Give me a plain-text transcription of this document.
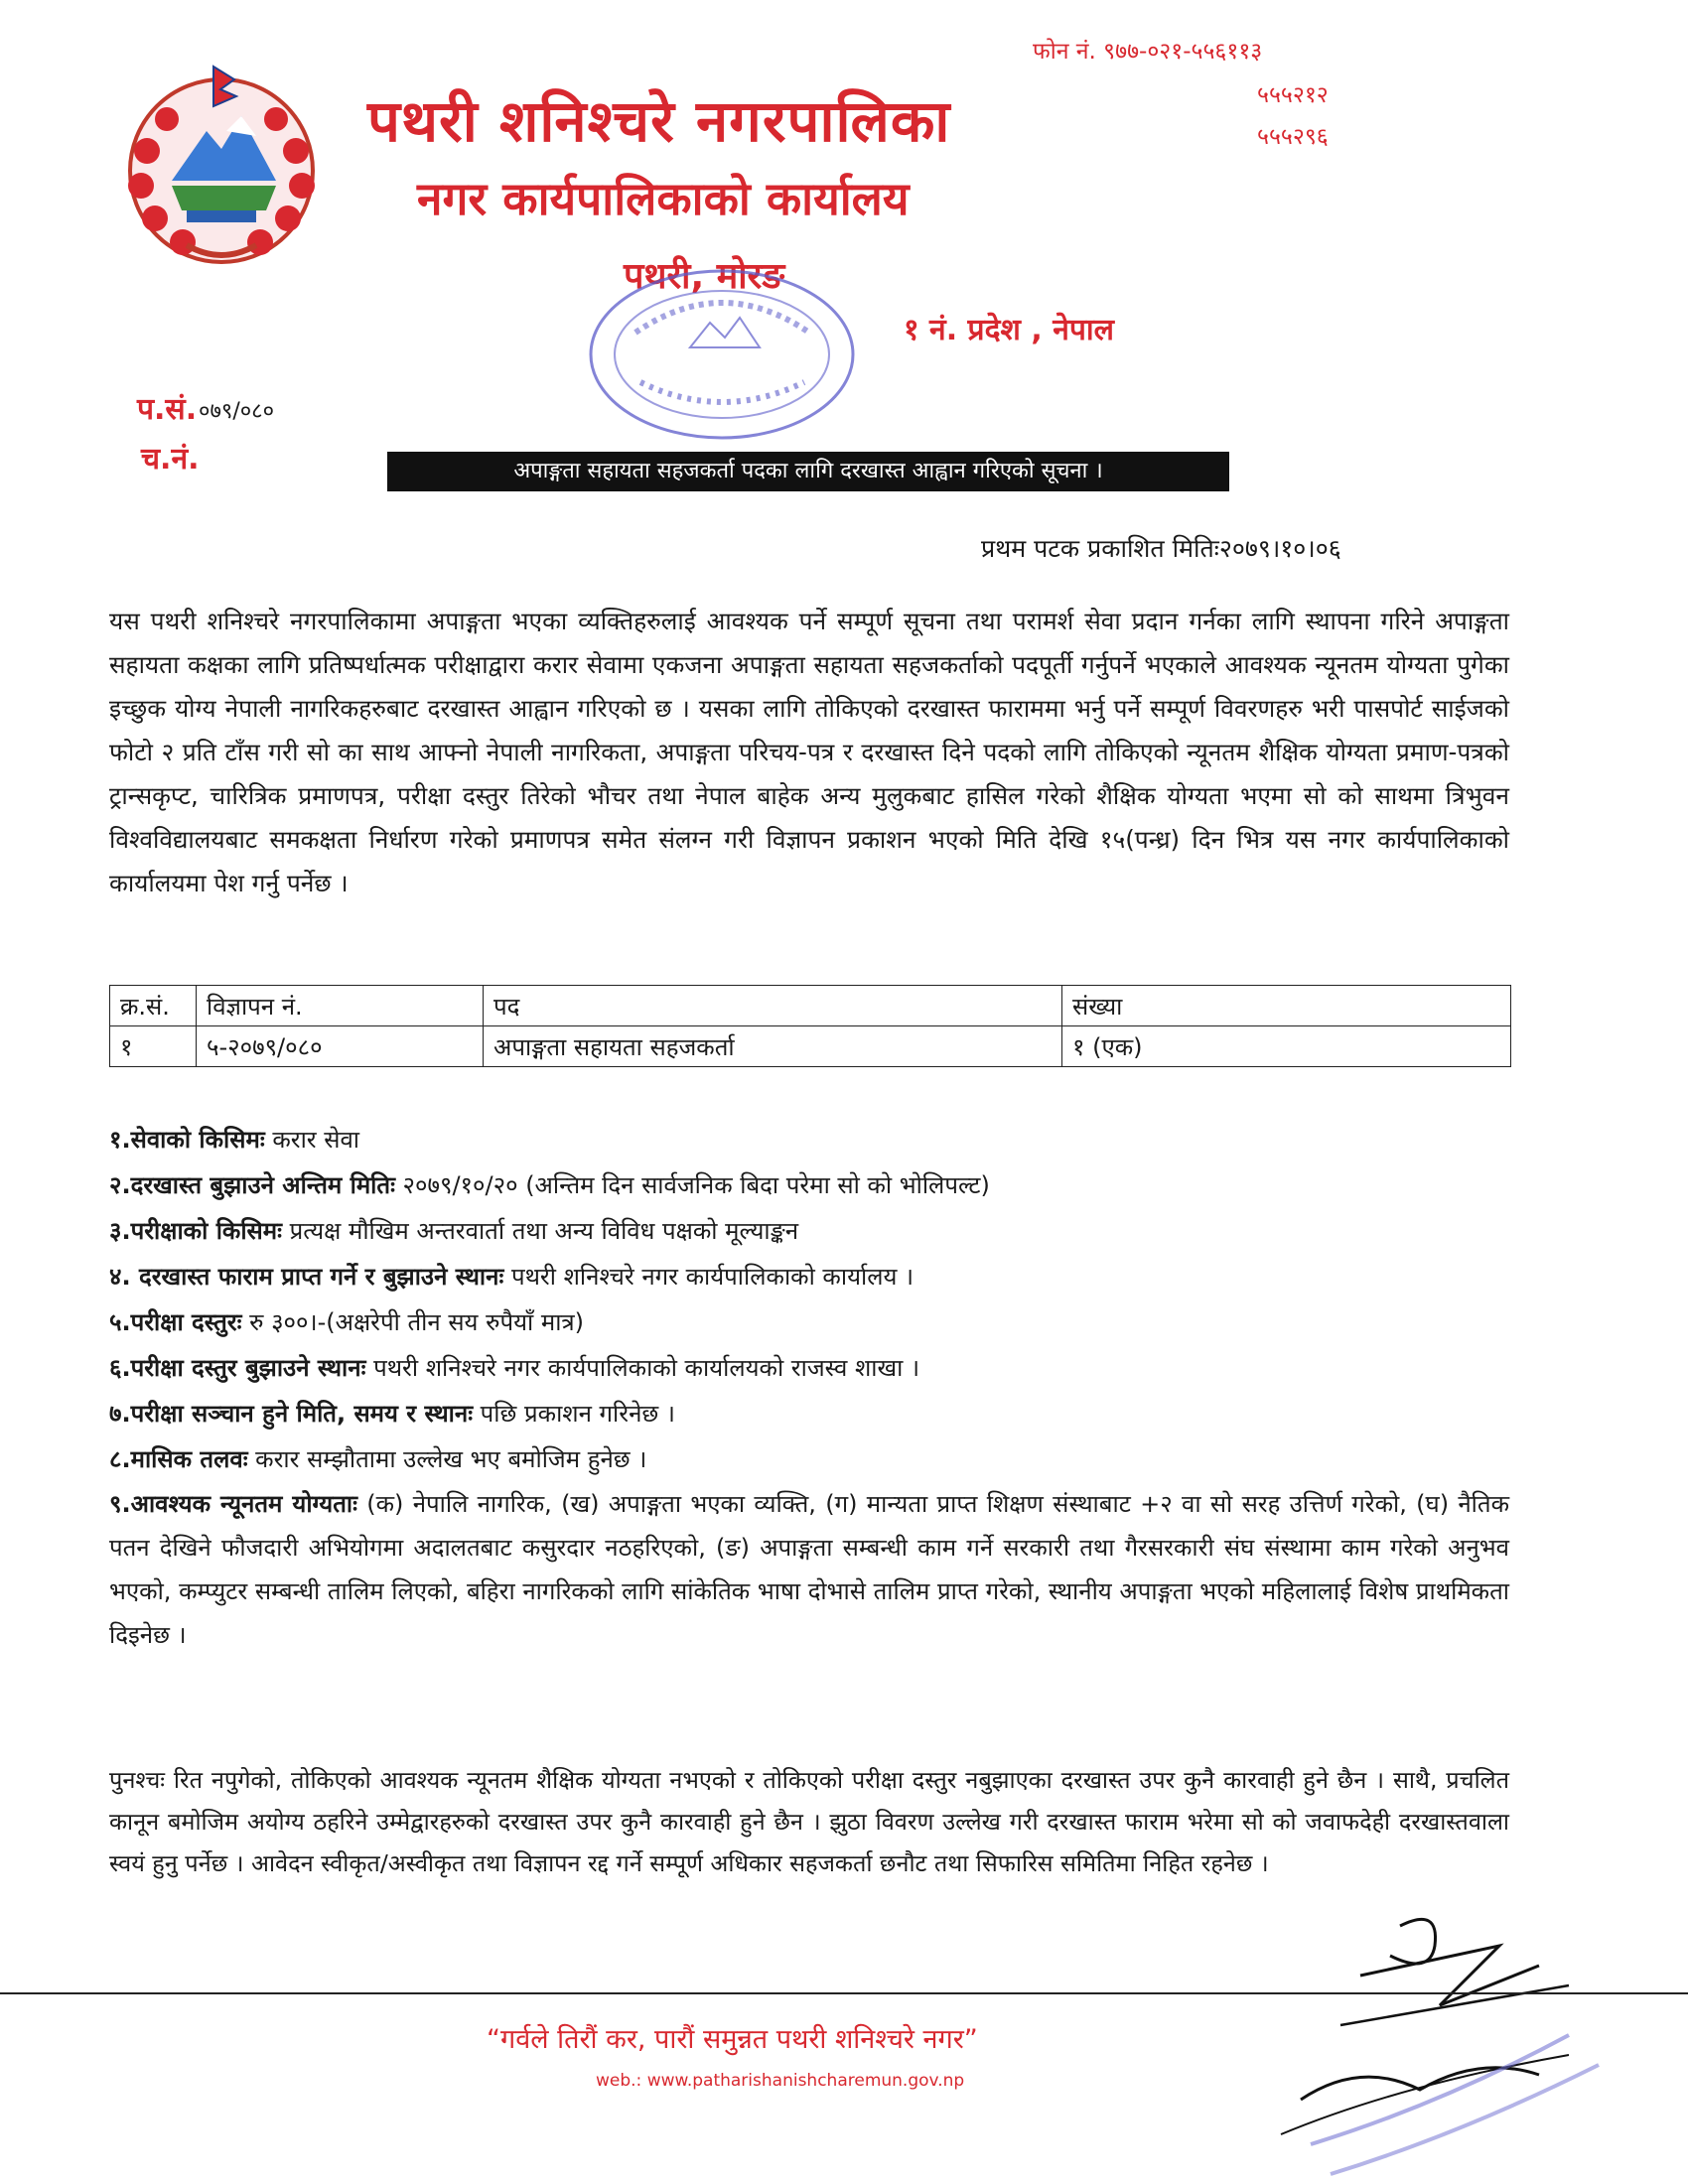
पथरी शनिश्चरे नगरपालिका
नगर कार्यपालिकाको कार्यालय
पथरी, मोरङ
१ नं. प्रदेश , नेपाल
फोन नं. ९७७-०२१-५५६११३
५५५२१२
५५५२९६
प.सं. ०७९/०८०
च.नं.	अपाङ्गता सहायता सहजकर्ता पदका लागि दरखास्त आह्वान गरिएको सूचना ।
प्रथम पटक प्रकाशित मितिः२०७९।१०।०६
यस पथरी शनिश्चरे नगरपालिकामा अपाङ्गता भएका व्यक्तिहरुलाई आवश्यक पर्ने सम्पूर्ण सूचना तथा परामर्श सेवा प्रदान गर्नका लागि स्थापना गरिने अपाङ्गता सहायता कक्षका लागि प्रतिष्पर्धात्मक परीक्षाद्वारा करार सेवामा एकजना अपाङ्गता सहायता सहजकर्ताको पदपूर्ती गर्नुपर्ने भएकाले आवश्यक न्यूनतम योग्यता पुगेका इच्छुक योग्य नेपाली नागरिकहरुबाट दरखास्त आह्वान गरिएको छ । यसका लागि तोकिएको दरखास्त फाराममा भर्नु पर्ने सम्पूर्ण विवरणहरु भरी पासपोर्ट साईजको फोटो २ प्रति टाँस गरी सो का साथ आफ्नो नेपाली नागरिकता, अपाङ्गता परिचय-पत्र र दरखास्त दिने पदको लागि तोकिएको न्यूनतम शैक्षिक योग्यता प्रमाण-पत्रको ट्रान्सकृप्ट, चारित्रिक प्रमाणपत्र, परीक्षा दस्तुर तिरेको भौचर तथा नेपाल बाहेक अन्य मुलुकबाट हासिल गरेको शैक्षिक योग्यता भएमा सो को साथमा त्रिभुवन विश्वविद्यालयबाट समकक्षता निर्धारण गरेको प्रमाणपत्र समेत संलग्न गरी विज्ञापन प्रकाशन भएको मिति देखि १५(पन्ध्र) दिन भित्र यस नगर कार्यपालिकाको कार्यालयमा पेश गर्नु पर्नेछ ।
क्र.सं.	विज्ञापन नं.	पद	संख्या
१	५-२०७९/०८०	अपाङ्गता सहायता सहजकर्ता	१ (एक)
१.सेवाको किसिमः करार सेवा
२.दरखास्त बुझाउने अन्तिम मितिः २०७९/१०/२० (अन्तिम दिन सार्वजनिक बिदा परेमा सो को भोलिपल्ट)
३.परीक्षाको किसिमः प्रत्यक्ष मौखिम अन्तरवार्ता तथा अन्य विविध पक्षको मूल्याङ्कन
४. दरखास्त फाराम प्राप्त गर्ने र बुझाउने स्थानः पथरी शनिश्चरे नगर कार्यपालिकाको कार्यालय ।
५.परीक्षा दस्तुरः रु ३००।-(अक्षरेपी तीन सय रुपैयाँ मात्र)
६.परीक्षा दस्तुर बुझाउने स्थानः पथरी शनिश्चरे नगर कार्यपालिकाको कार्यालयको राजस्व शाखा ।
७.परीक्षा सञ्चान हुने मिति, समय र स्थानः पछि प्रकाशन गरिनेछ ।
८.मासिक तलवः करार सम्झौतामा उल्लेख भए बमोजिम हुनेछ ।
९.आवश्यक न्यूनतम योग्यताः (क) नेपालि नागरिक, (ख) अपाङ्गता भएका व्यक्ति, (ग) मान्यता प्राप्त शिक्षण संस्थाबाट +२ वा सो सरह उत्तिर्ण गरेको, (घ) नैतिक पतन देखिने फौजदारी अभियोगमा अदालतबाट कसुरदार नठहरिएको, (ङ) अपाङ्गता सम्बन्धी काम गर्ने सरकारी तथा गैरसरकारी संघ संस्थामा काम गरेको अनुभव भएको, कम्प्युटर सम्बन्धी तालिम लिएको, बहिरा नागरिकको लागि सांकेतिक भाषा दोभासे तालिम प्राप्त गरेको, स्थानीय अपाङ्गता भएको महिलालाई विशेष प्राथमिकता दिइनेछ ।
पुनश्चः रित नपुगेको, तोकिएको आवश्यक न्यूनतम शैक्षिक योग्यता नभएको र तोकिएको परीक्षा दस्तुर नबुझाएका दरखास्त उपर कुनै कारवाही हुने छैन । साथै, प्रचलित कानून बमोजिम अयोग्य ठहरिने उम्मेद्वारहरुको दरखास्त उपर कुनै कारवाही हुने छैन । झुठा विवरण उल्लेख गरी दरखास्त फाराम भरेमा सो को जवाफदेही दरखास्तवाला स्वयं हुनु पर्नेछ । आवेदन स्वीकृत/अस्वीकृत तथा विज्ञापन रद्द गर्ने सम्पूर्ण अधिकार सहजकर्ता छनौट तथा सिफारिस समितिमा निहित रहनेछ ।
“गर्वले तिरौं कर, पारौं समुन्नत पथरी शनिश्चरे नगर”
web.: www.patharishanishcharemun.gov.np
